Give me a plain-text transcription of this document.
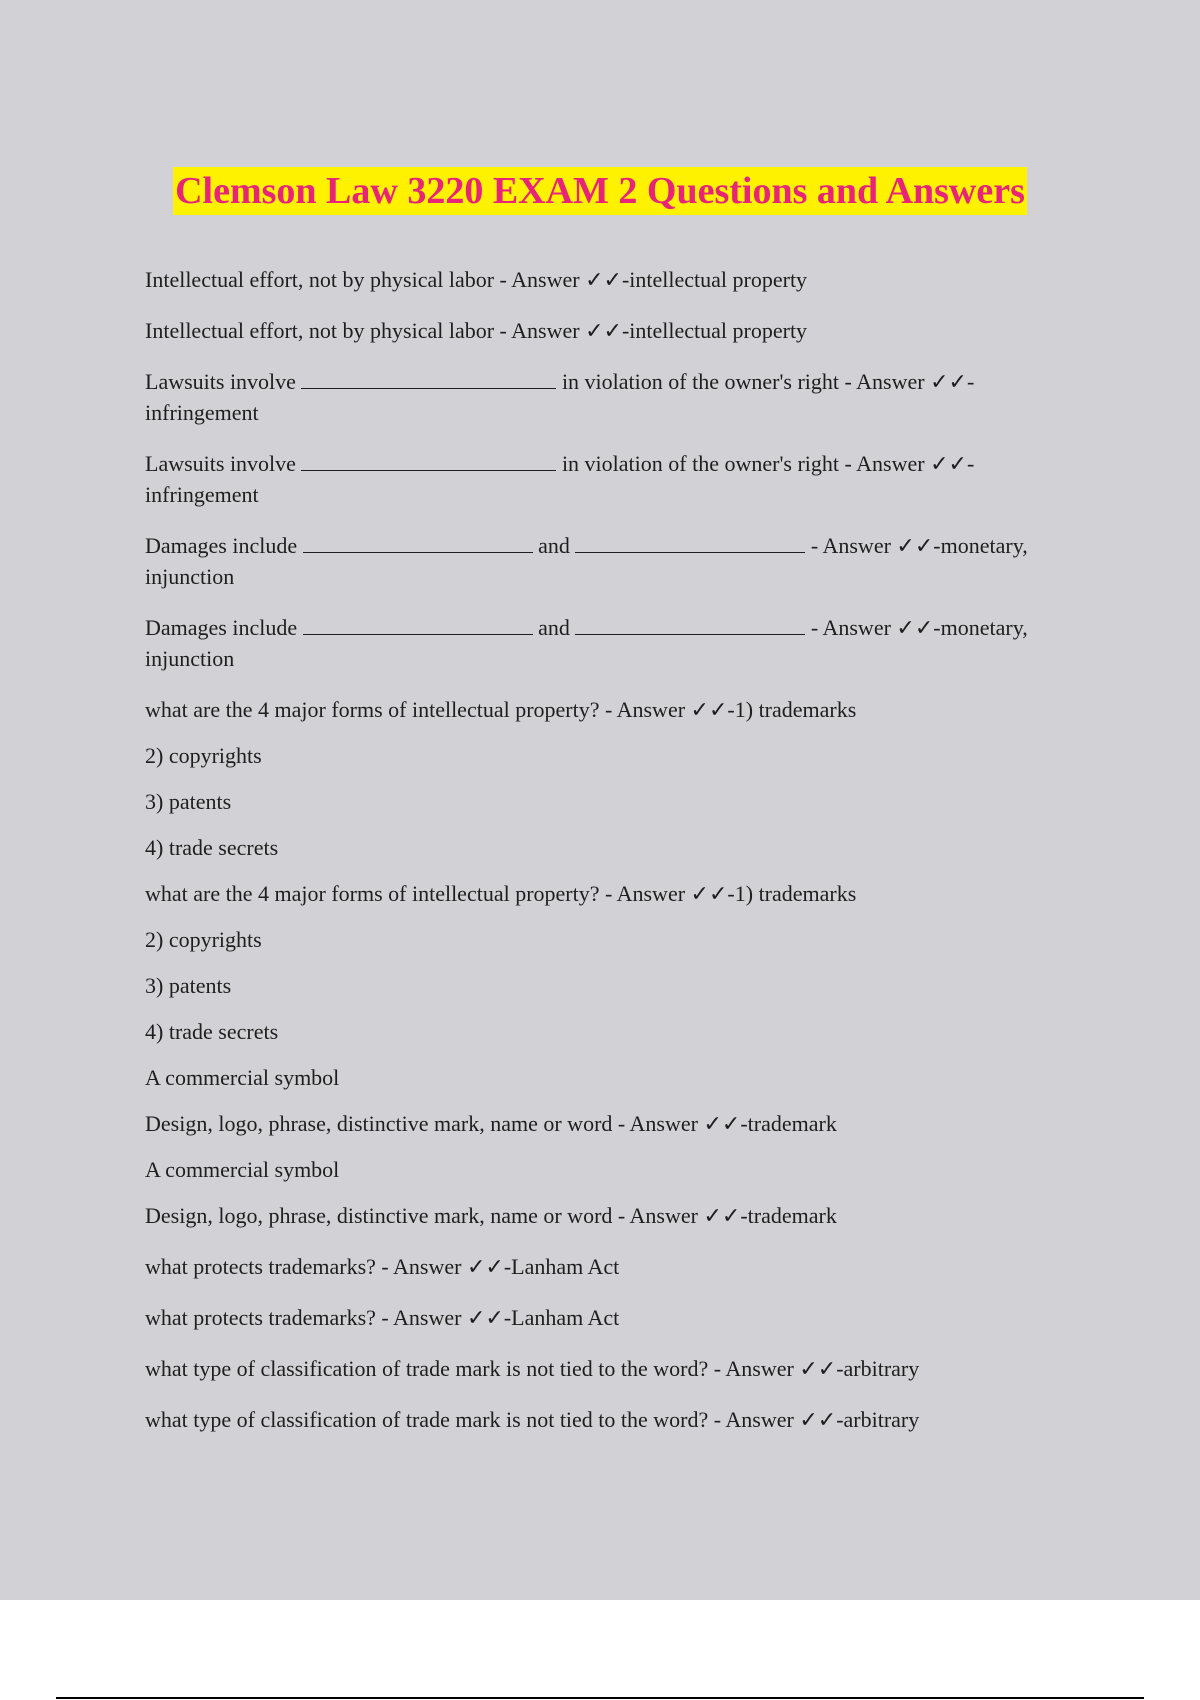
Clemson Law 3220 EXAM 2 Questions and Answers

Intellectual effort, not by physical labor - Answer ✓✓-intellectual property

Intellectual effort, not by physical labor - Answer ✓✓-intellectual property

Lawsuits involve	in violation of the owner's right - Answer ✓✓-infringement

Lawsuits involve	in violation of the owner's right - Answer ✓✓-infringement

Damages include	and	- Answer ✓✓-monetary, injunction

Damages include	and	- Answer ✓✓-monetary, injunction

what are the 4 major forms of intellectual property? - Answer ✓✓-1) trademarks

2) copyrights

3) patents

4) trade secrets

what are the 4 major forms of intellectual property? - Answer ✓✓-1) trademarks

2) copyrights

3) patents

4) trade secrets

A commercial symbol

Design, logo, phrase, distinctive mark, name or word - Answer ✓✓-trademark

A commercial symbol

Design, logo, phrase, distinctive mark, name or word - Answer ✓✓-trademark

what protects trademarks? - Answer ✓✓-Lanham Act

what protects trademarks? - Answer ✓✓-Lanham Act

what type of classification of trade mark is not tied to the word? - Answer ✓✓-arbitrary

what type of classification of trade mark is not tied to the word? - Answer ✓✓-arbitrary
